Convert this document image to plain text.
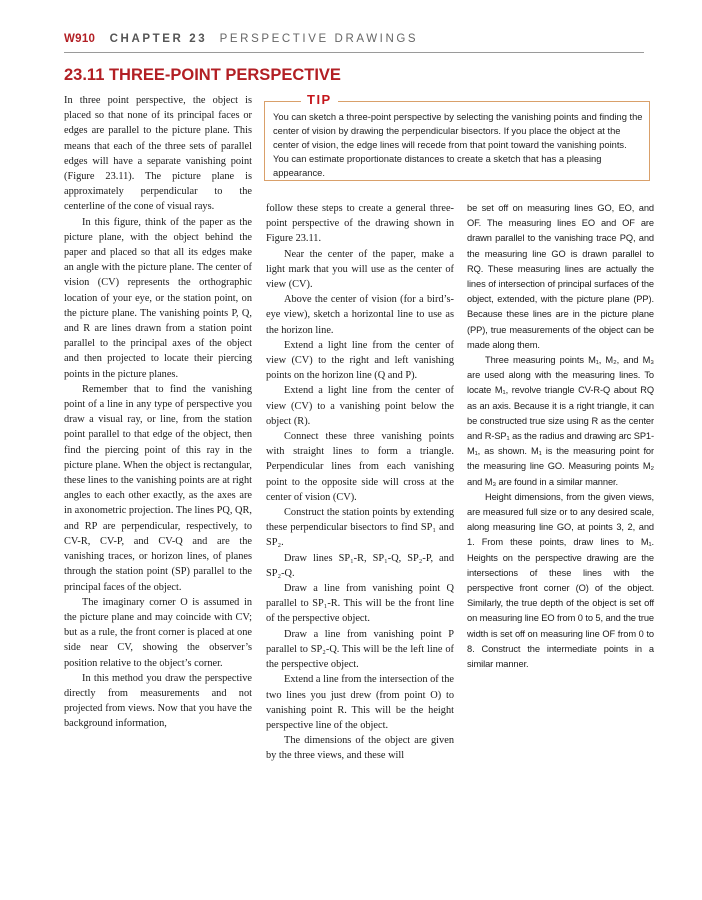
W910 CHAPTER 23 PERSPECTIVE DRAWINGS
23.11 THREE-POINT PERSPECTIVE
TIP
You can sketch a three-point perspective by selecting the vanishing points and finding the center of vision by drawing the perpendicular bisectors. If you place the object at the center of vision, the edge lines will recede from that point toward the vanishing points. You can estimate proportionate distances to create a sketch that has a pleasing appearance.

In three point perspective, the object is placed so that none of its principal faces or edges are parallel to the picture plane. This means that each of the three sets of parallel edges will have a separate vanishing point (Figure 23.11). The picture plane is approximately perpendicular to the centerline of the cone of visual rays.

In this figure, think of the paper as the picture plane, with the object behind the paper and placed so that all its edges make an angle with the picture plane. The center of vision (CV) represents the orthographic location of your eye, or the station point, on the picture plane. The vanishing points P, Q, and R are lines drawn from a station point parallel to the principal axes of the object and then projected to locate their piercing points in the picture planes.

Remember that to find the vanishing point of a line in any type of perspective you draw a visual ray, or line, from the station point parallel to that edge of the object, then find the piercing point of this ray in the picture plane. When the object is rectangular, these lines to the vanishing points are at right angles to each other exactly, as the axes are in axonometric projection. The lines PQ, QR, and RP are perpendicular, respectively, to CV-R, CV-P, and CV-Q and are the vanishing traces, or horizon lines, of planes through the station point (SP) parallel to the principal faces of the object.

The imaginary corner O is assumed in the picture plane and may coincide with CV; but as a rule, the front corner is placed at one side near CV, showing the observer’s position relative to the object’s corner.

In this method you draw the perspective directly from measurements and not projected from views. Now that you have the background information,

follow these steps to create a general three-point perspective of the drawing shown in Figure 23.11.

Near the center of the paper, make a light mark that you will use as the center of view (CV).

Above the center of vision (for a bird’s-eye view), sketch a horizontal line to use as the horizon line.

Extend a light line from the center of view (CV) to the right and left vanishing points on the horizon line (Q and P).

Extend a light line from the center of view (CV) to a vanishing point below the object (R).

Connect these three vanishing points with straight lines to form a triangle. Perpendicular lines from each vanishing point to the opposite side will cross at the center of vision (CV).

Construct the station points by extending these perpendicular bisectors to find SP₁ and SP₂.

Draw lines SP₁-R, SP₁-Q, SP₂-P, and SP₂-Q.

Draw a line from vanishing point Q parallel to SP₁-R. This will be the front line of the perspective object.

Draw a line from vanishing point P parallel to SP₂-Q. This will be the left line of the perspective object.

Extend a line from the intersection of the two lines you just drew (from point O) to vanishing point R. This will be the height perspective line of the object.

The dimensions of the object are given by the three views, and these will

be set off on measuring lines GO, EO, and OF. The measuring lines EO and OF are drawn parallel to the vanishing trace PQ, and the measuring line GO is drawn parallel to RQ. These measuring lines are actually the lines of intersection of principal surfaces of the object, extended, with the picture plane (PP). Because these lines are in the picture plane (PP), true measurements of the object can be made along them.

Three measuring points M₁, M₂, and M₃ are used along with the measuring lines. To locate M₁, revolve triangle CV-R-Q about RQ as an axis. Because it is a right triangle, it can be constructed true size using R as the center and R-SP₁ as the radius and drawing arc SP1-M₁, as shown. M₁ is the measuring point for the measuring line GO. Measuring points M₂ and M₃ are found in a similar manner.

Height dimensions, from the given views, are measured full size or to any desired scale, along measuring line GO, at points 3, 2, and 1. From these points, draw lines to M₁. Heights on the perspective drawing are the intersections of these lines with the perspective front corner (O) of the object. Similarly, the true depth of the object is set off on measuring line EO from 0 to 5, and the true width is set off on measuring line OF from 0 to 8. Construct the intermediate points in a similar manner.
